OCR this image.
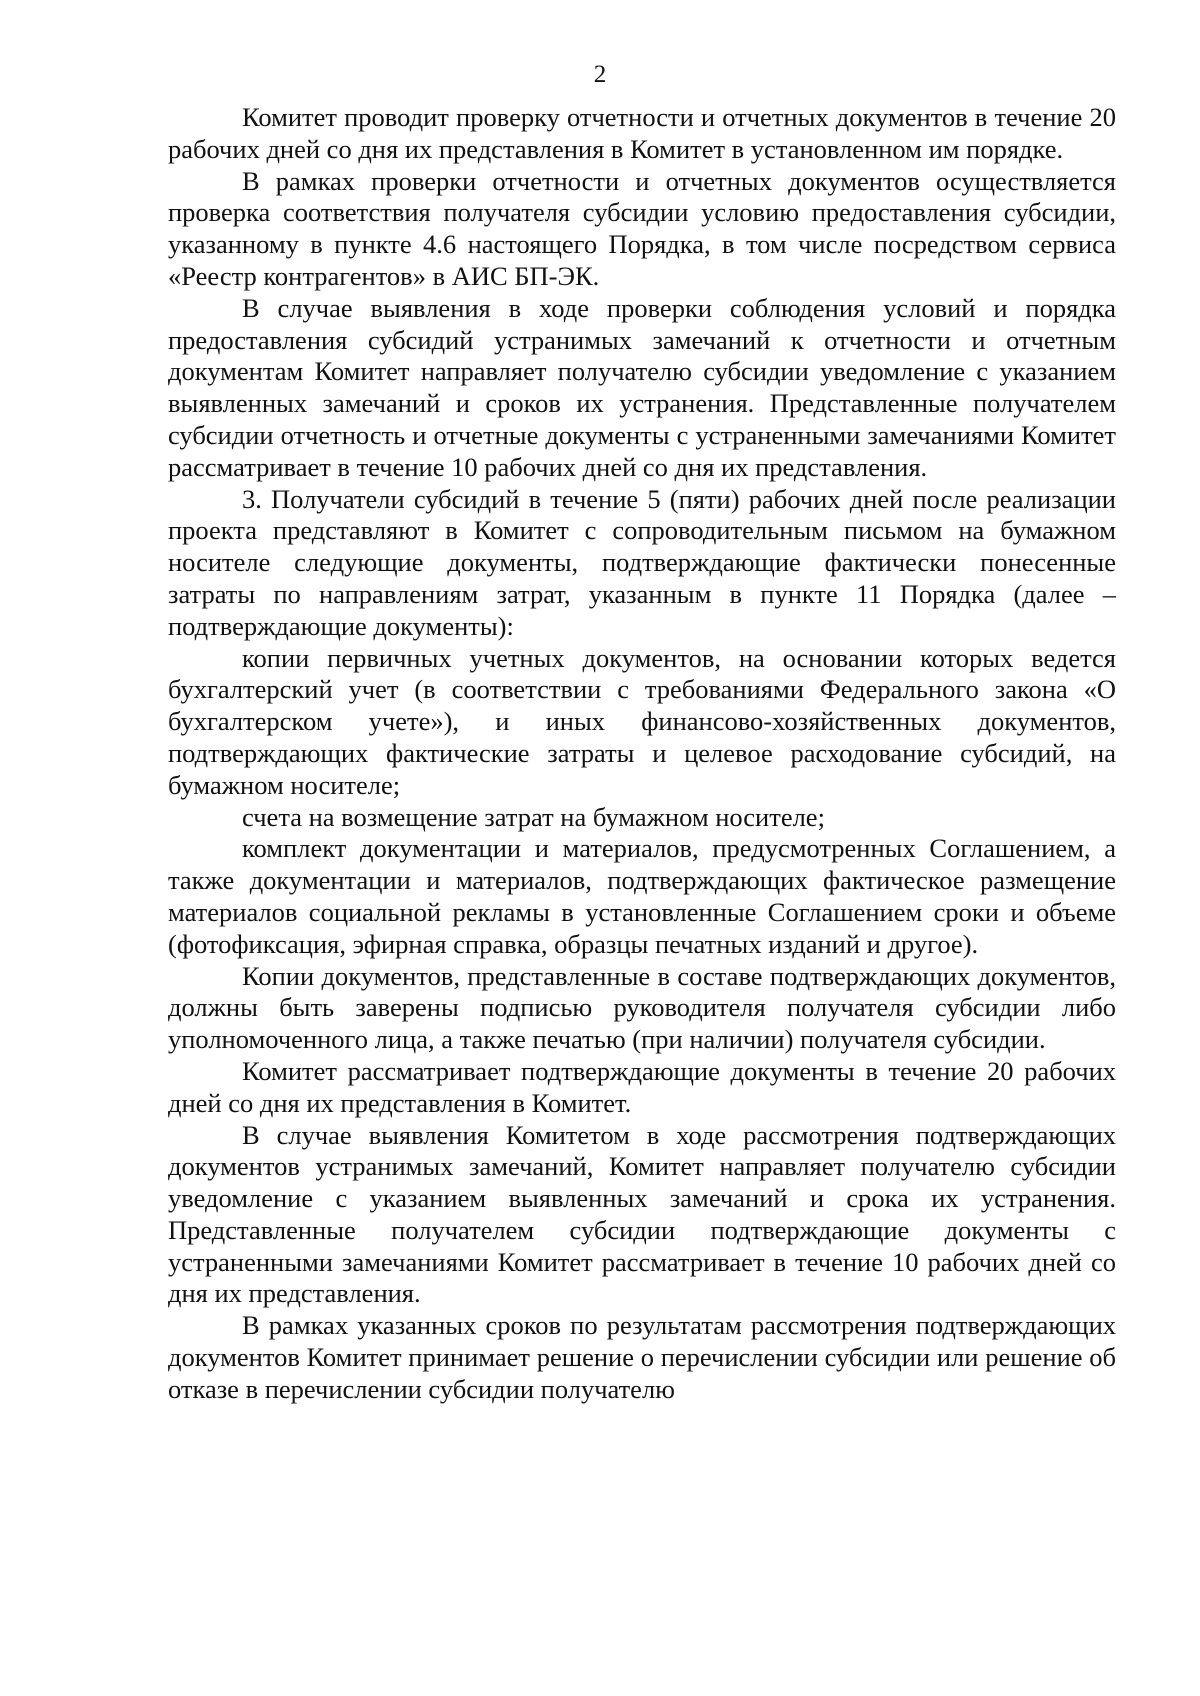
2

Комитет проводит проверку отчетности и отчетных документов в течение 20 рабочих дней со дня их представления в Комитет в установленном им порядке.

В рамках проверки отчетности и отчетных документов осуществляется проверка соответствия получателя субсидии условию предоставления субсидии, указанному в пункте 4.6 настоящего Порядка, в том числе посредством сервиса «Реестр контрагентов» в АИС БП-ЭК.

В случае выявления в ходе проверки соблюдения условий и порядка предоставления субсидий устранимых замечаний к отчетности и отчетным документам Комитет направляет получателю субсидии уведомление с указанием выявленных замечаний и сроков их устранения. Представленные получателем субсидии отчетность и отчетные документы с устраненными замечаниями Комитет рассматривает в течение 10 рабочих дней со дня их представления.

3. Получатели субсидий в течение 5 (пяти) рабочих дней после реализации проекта представляют в Комитет с сопроводительным письмом на бумажном носителе следующие документы, подтверждающие фактически понесенные затраты по направлениям затрат, указанным в пункте 11 Порядка (далее – подтверждающие документы):

копии первичных учетных документов, на основании которых ведется бухгалтерский учет (в соответствии с требованиями Федерального закона «О бухгалтерском учете»), и иных финансово-хозяйственных документов, подтверждающих фактические затраты и целевое расходование субсидий, на бумажном носителе;

счета на возмещение затрат на бумажном носителе;

комплект документации и материалов, предусмотренных Соглашением, а также документации и материалов, подтверждающих фактическое размещение материалов социальной рекламы в установленные Соглашением сроки и объеме (фотофиксация, эфирная справка, образцы печатных изданий и другое).

Копии документов, представленные в составе подтверждающих документов, должны быть заверены подписью руководителя получателя субсидии либо уполномоченного лица, а также печатью (при наличии) получателя субсидии.

Комитет рассматривает подтверждающие документы в течение 20 рабочих дней со дня их представления в Комитет.

В случае выявления Комитетом в ходе рассмотрения подтверждающих документов устранимых замечаний, Комитет направляет получателю субсидии уведомление с указанием выявленных замечаний и срока их устранения. Представленные получателем субсидии подтверждающие документы с устраненными замечаниями Комитет рассматривает в течение 10 рабочих дней со дня их представления.

В рамках указанных сроков по результатам рассмотрения подтверждающих документов Комитет принимает решение о перечислении субсидии или решение об отказе в перечислении субсидии получателю
